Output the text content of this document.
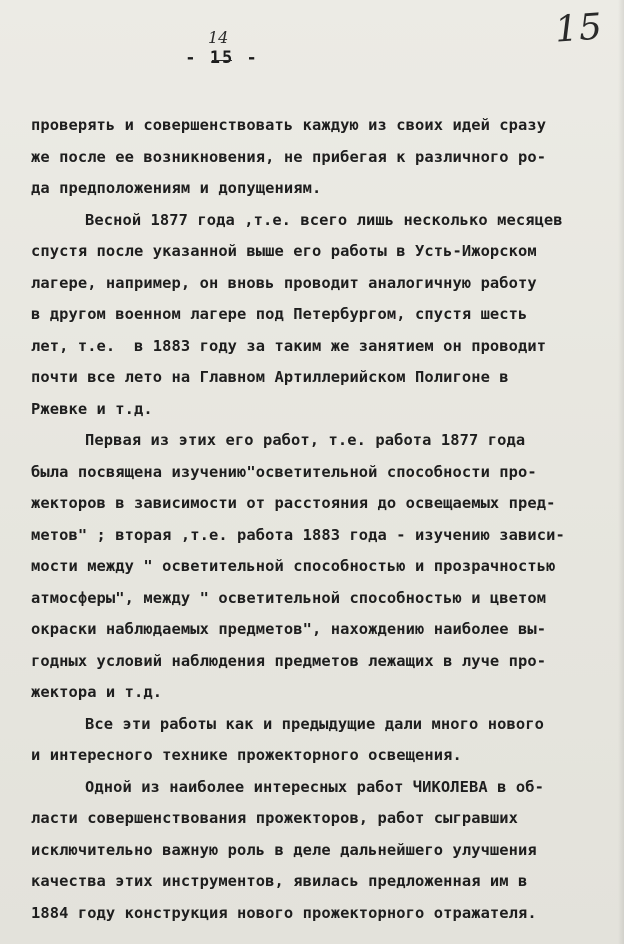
15
14
- 15 -
проверять и совершенствовать каждую из своих идей сразу
же после ее возникновения, не прибегая к различного ро-
да предположениям и допущениям.
Весной 1877 года ,т.е. всего лишь несколько месяцев
спустя после указанной выше его работы в Усть-Ижорском
лагере, например, он вновь проводит аналогичную работу
в другом военном лагере под Петербургом, спустя шесть
лет, т.е.  в 1883 году за таким же занятием он проводит
почти все лето на Главном Артиллерийском Полигоне в
Ржевке и т.д.
Первая из этих его работ, т.е. работа 1877 года
была посвящена изучению"осветительной способности про-
жекторов в зависимости от расстояния до освещаемых пред-
метов" ; вторая ,т.е. работа 1883 года - изучению зависи-
мости между " осветительной способностью и прозрачностью
атмосферы", между " осветительной способностью и цветом
окраски наблюдаемых предметов", нахождению наиболее вы-
годных условий наблюдения предметов лежащих в луче про-
жектора и т.д.
Все эти работы как и предыдущие дали много нового
и интересного технике прожекторного освещения.
Одной из наиболее интересных работ ЧИКОЛЕВА в об-
ласти совершенствования прожекторов, работ сыгравших
исключительно важную роль в деле дальнейшего улучшения
качества этих инструментов, явилась предложенная им в
1884 году конструкция нового прожекторного отражателя.
